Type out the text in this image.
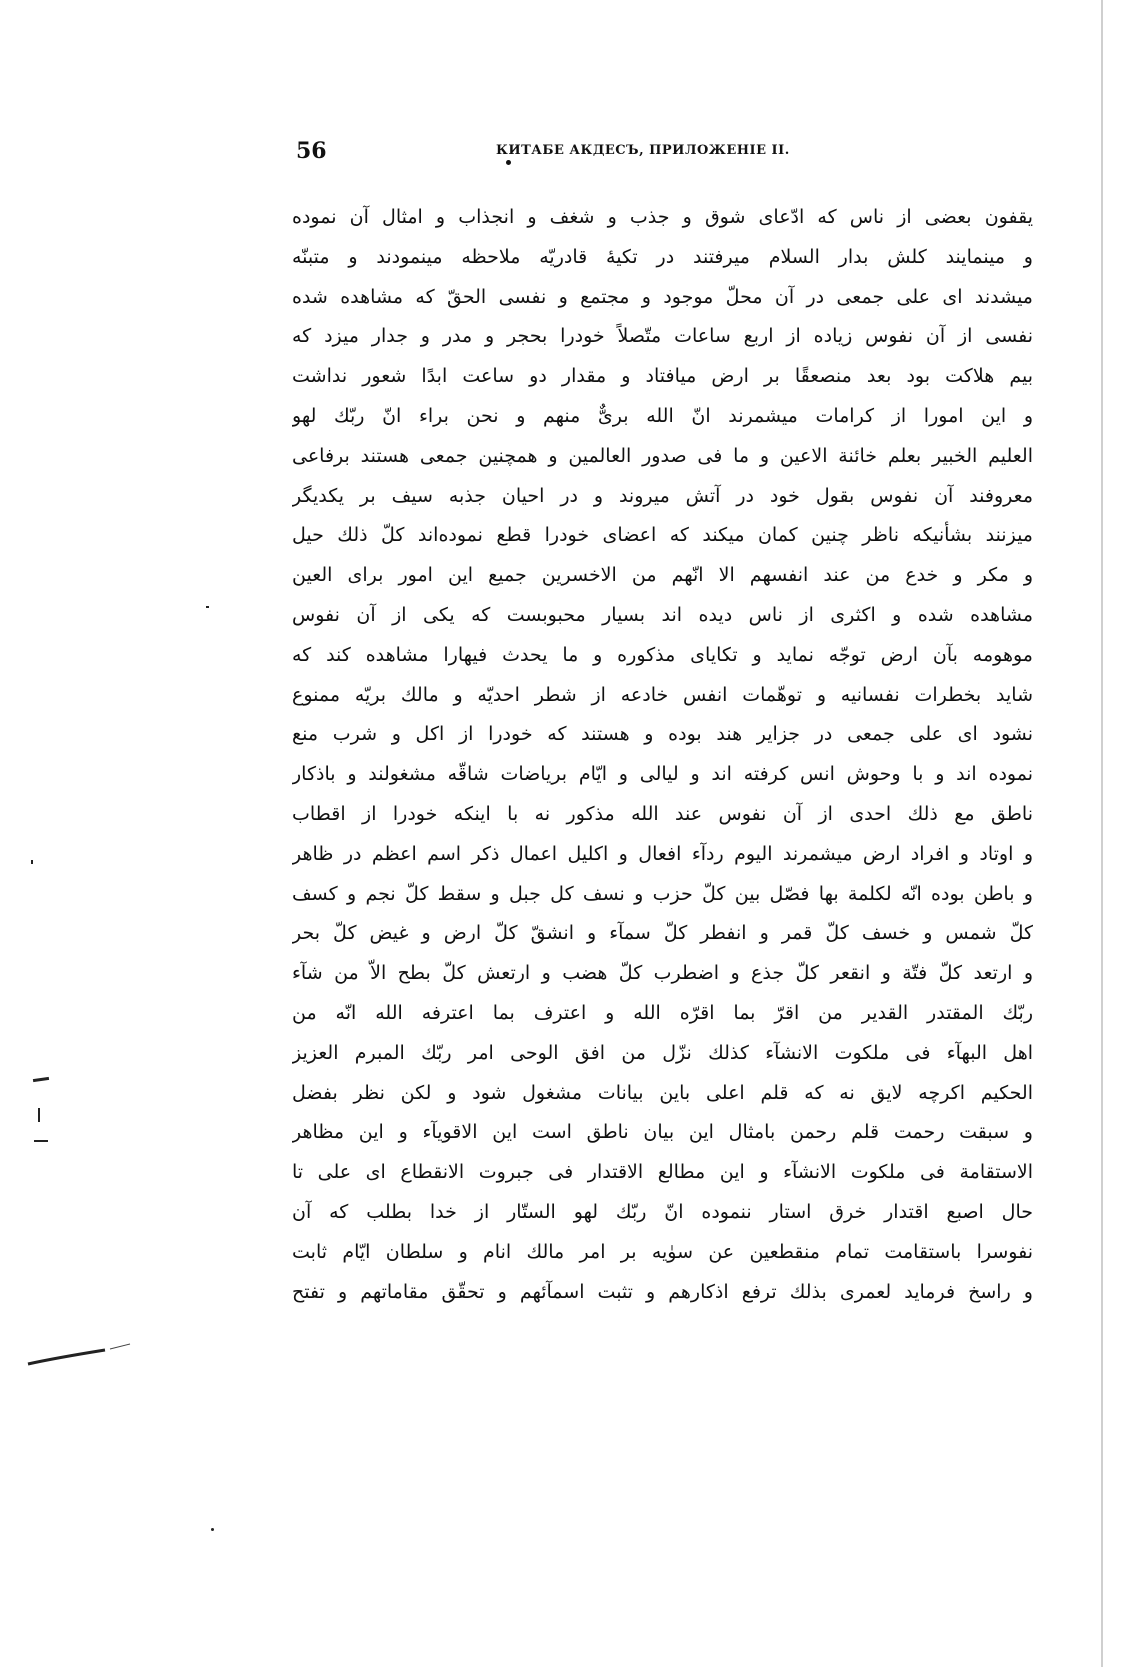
56	КИТАБЕ АКДЕСЪ, ПРИЛОЖЕНІЕ II.
یقفون بعضی از ناس که ادّعای شوق و جذب و شغف و انجذاب و امثال آن نموده
و مینمایند کلش بدار السلام میرفتند در تکیهٔ قادریّه ملاحظه مینمودند و متبنّه
میشدند ای علی جمعی در آن محلّ موجود و مجتمع و نفسی الحقّ که مشاهده شده
نفسی از آن نفوس زیاده از اربع ساعات متّصلاً خودرا بحجر و مدر و جدار میزد که
بیم هلاکت بود بعد منصعقًا بر ارض میافتاد و مقدار دو ساعت ابدًا شعور نداشت
و این امورا از کرامات میشمرند انّ الله بریٌّ منهم و نحن براء انّ ربّك لهو
العلیم الخبیر بعلم خائنة الاعین و ما فی صدور العالمین و همچنین جمعی هستند برفاعی
معروفند آن نفوس بقول خود در آتش میروند و در احیان جذبه سیف بر یکدیگر
میزنند بشأنیکه ناظر چنین کمان میکند که اعضای خودرا قطع نموده‌اند کلّ ذلك حیل
و مکر و خدع من عند انفسهم الا انّهم من الاخسرین جمیع این امور برای العین
مشاهده شده و اکثری از ناس دیده اند بسیار محبوبست که یکی از آن نفوس
موهومه بآن ارض توجّه نماید و تکایای مذکوره و ما یحدث فیهارا مشاهده کند که
شاید بخطرات نفسانیه و توهّمات انفس خادعه از شطر احدیّه و مالك بریّه ممنوع
نشود ای علی جمعی در جزایر هند بوده و هستند که خودرا از اکل و شرب منع
نموده اند و با وحوش انس کرفته اند و لیالی و ایّام بریاضات شاقّه مشغولند و باذکار
ناطق مع ذلك احدی از آن نفوس عند الله مذکور نه با اینکه خودرا از اقطاب
و اوتاد و افراد ارض میشمرند الیوم ردآء افعال و اکلیل اعمال ذکر اسم اعظم در ظاهر
و باطن بوده انّه لکلمة بها فصّل بین کلّ حزب و نسف کل جبل و سقط کلّ نجم و کسف
کلّ شمس و خسف کلّ قمر و انفطر کلّ سمآء و انشقّ کلّ ارض و غیض کلّ بحر
و ارتعد کلّ فتّة و انقعر کلّ جذع و اضطرب کلّ هضب و ارتعش کلّ بطح الاّ من شآء
ربّك المقتدر القدیر من اقرّ بما اقرّه الله و اعترف بما اعترفه الله انّه من
اهل البهآء فی ملکوت الانشآء کذلك نزّل من افق الوحی امر ربّك المبرم العزیز
الحکیم اکرچه لایق نه که قلم اعلی باین بیانات مشغول شود و لکن نظر بفضل
و سبقت رحمت قلم رحمن بامثال این بیان ناطق است این الاقویآء و این مظاهر
الاستقامة فی ملکوت الانشآء و این مطالع الاقتدار فی جبروت الانقطاع ای علی تا
حال اصبع اقتدار خرق استار ننموده انّ ربّك لهو الستّار از خدا بطلب که آن
نفوسرا باستقامت تمام منقطعین عن سوٰیه بر امر مالك انام و سلطان ایّام ثابت
و راسخ فرماید لعمری بذلك ترفع اذکارهم و تثبت اسمآئهم و تحقّق مقاماتهم و تفتح
